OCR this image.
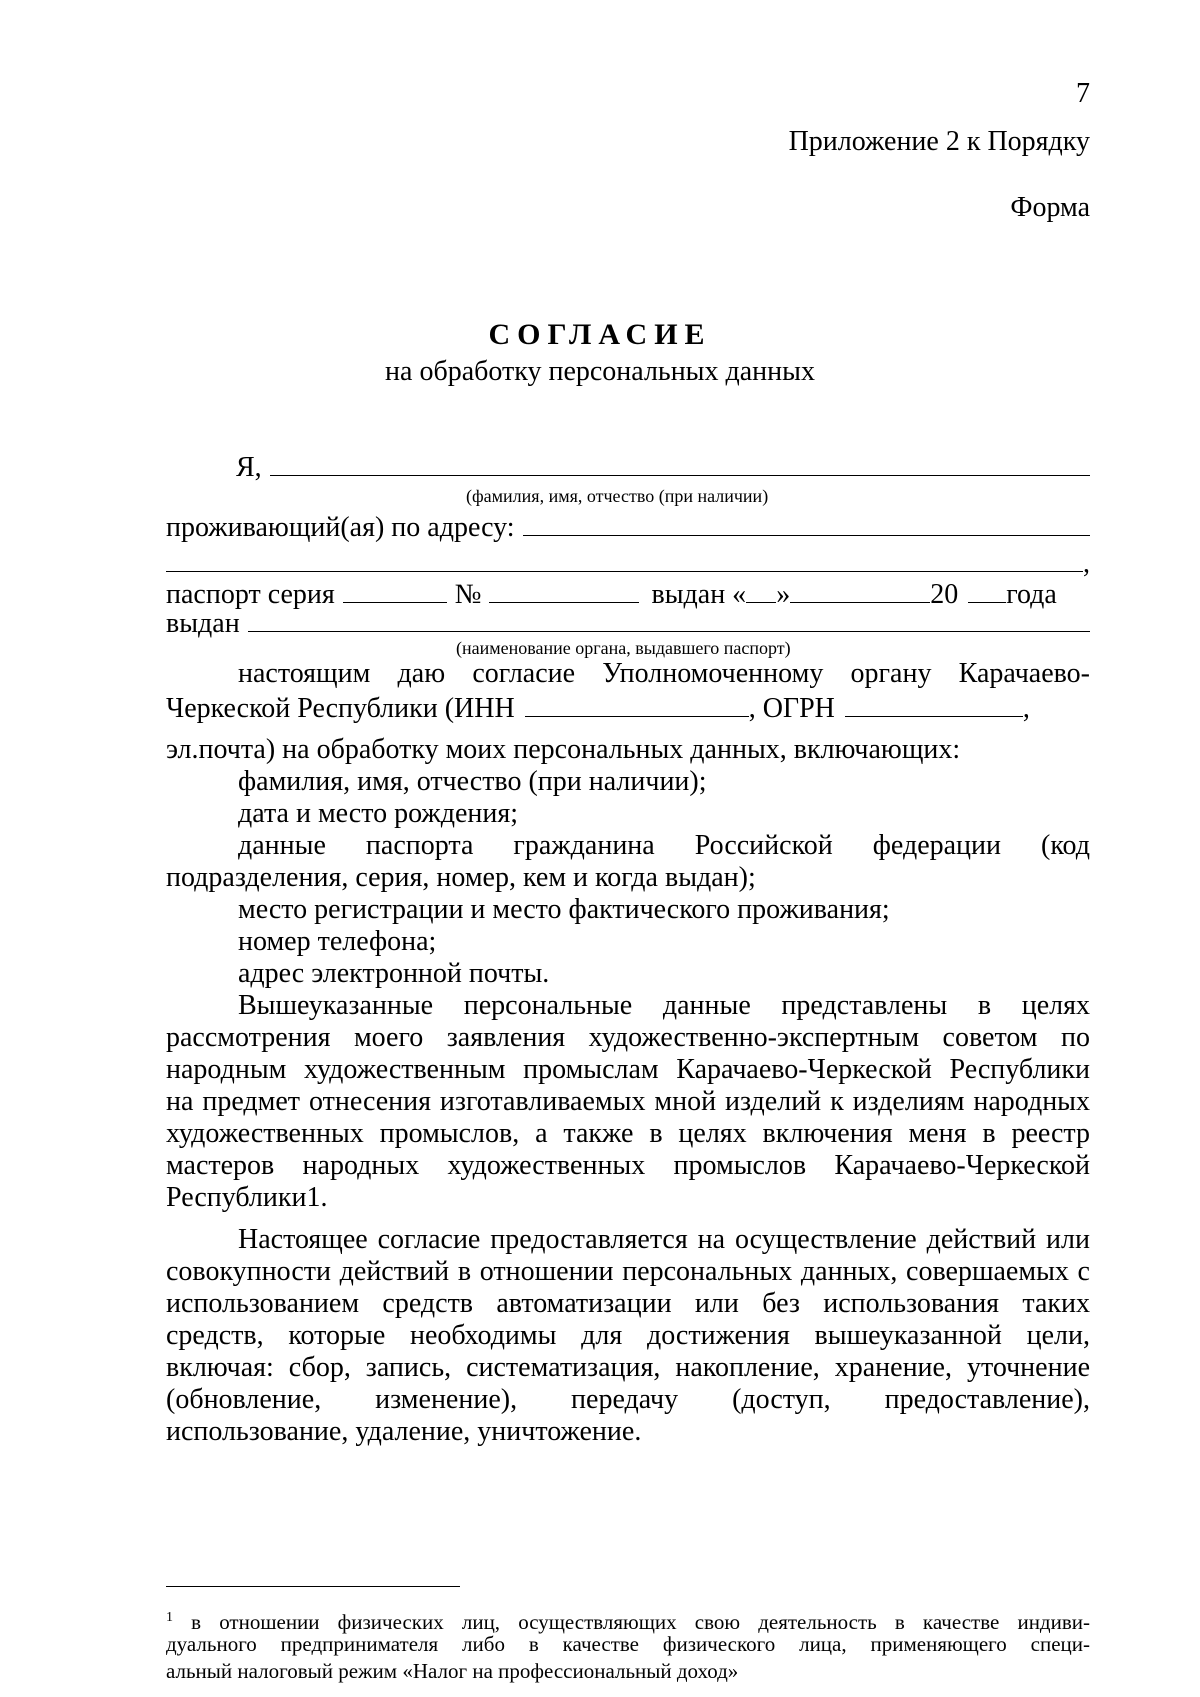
7
Приложение 2 к Порядку
Форма
СОГЛАСИЕ
на обработку персональных данных
Я,
(фамилия, имя, отчество (при наличии)
проживающий(ая) по адресу:
,
паспорт серия	№	выдан « »	20 года
выдан
(наименование органа, выдавшего паспорт)
настоящим даю согласие Уполномоченному органу Карачаево-
Черкеской Республики (ИНН	, ОГРН	,
эл.почта) на обработку моих персональных данных, включающих:
фамилия, имя, отчество (при наличии);
дата и место рождения;
данные паспорта гражданина Российской федерации (код
подразделения, серия, номер, кем и когда выдан);
место регистрации и место фактического проживания;
номер телефона;
адрес электронной почты.
Вышеуказанные персональные данные представлены в целях
рассмотрения моего заявления художественно-экспертным советом по
народным художественным промыслам Карачаево-Черкеской Республики
на предмет отнесения изготавливаемых мной изделий к изделиям народных
художественных промыслов, а также в целях включения меня в реестр
мастеров народных художественных промыслов Карачаево-Черкеской
Республики1.
Настоящее согласие предоставляется на осуществление действий или
совокупности действий в отношении персональных данных, совершаемых с
использованием средств автоматизации или без использования таких
средств, которые необходимы для достижения вышеуказанной цели,
включая: сбор, запись, систематизация, накопление, хранение, уточнение
(обновление, изменение), передачу (доступ, предоставление),
использование, удаление, уничтожение.
$^1$ в отношении физических лиц, осуществляющих свою деятельность в качестве индиви-
дуального предпринимателя либо в качестве физического лица, применяющего специ-
альный налоговый режим «Налог на профессиональный доход»
